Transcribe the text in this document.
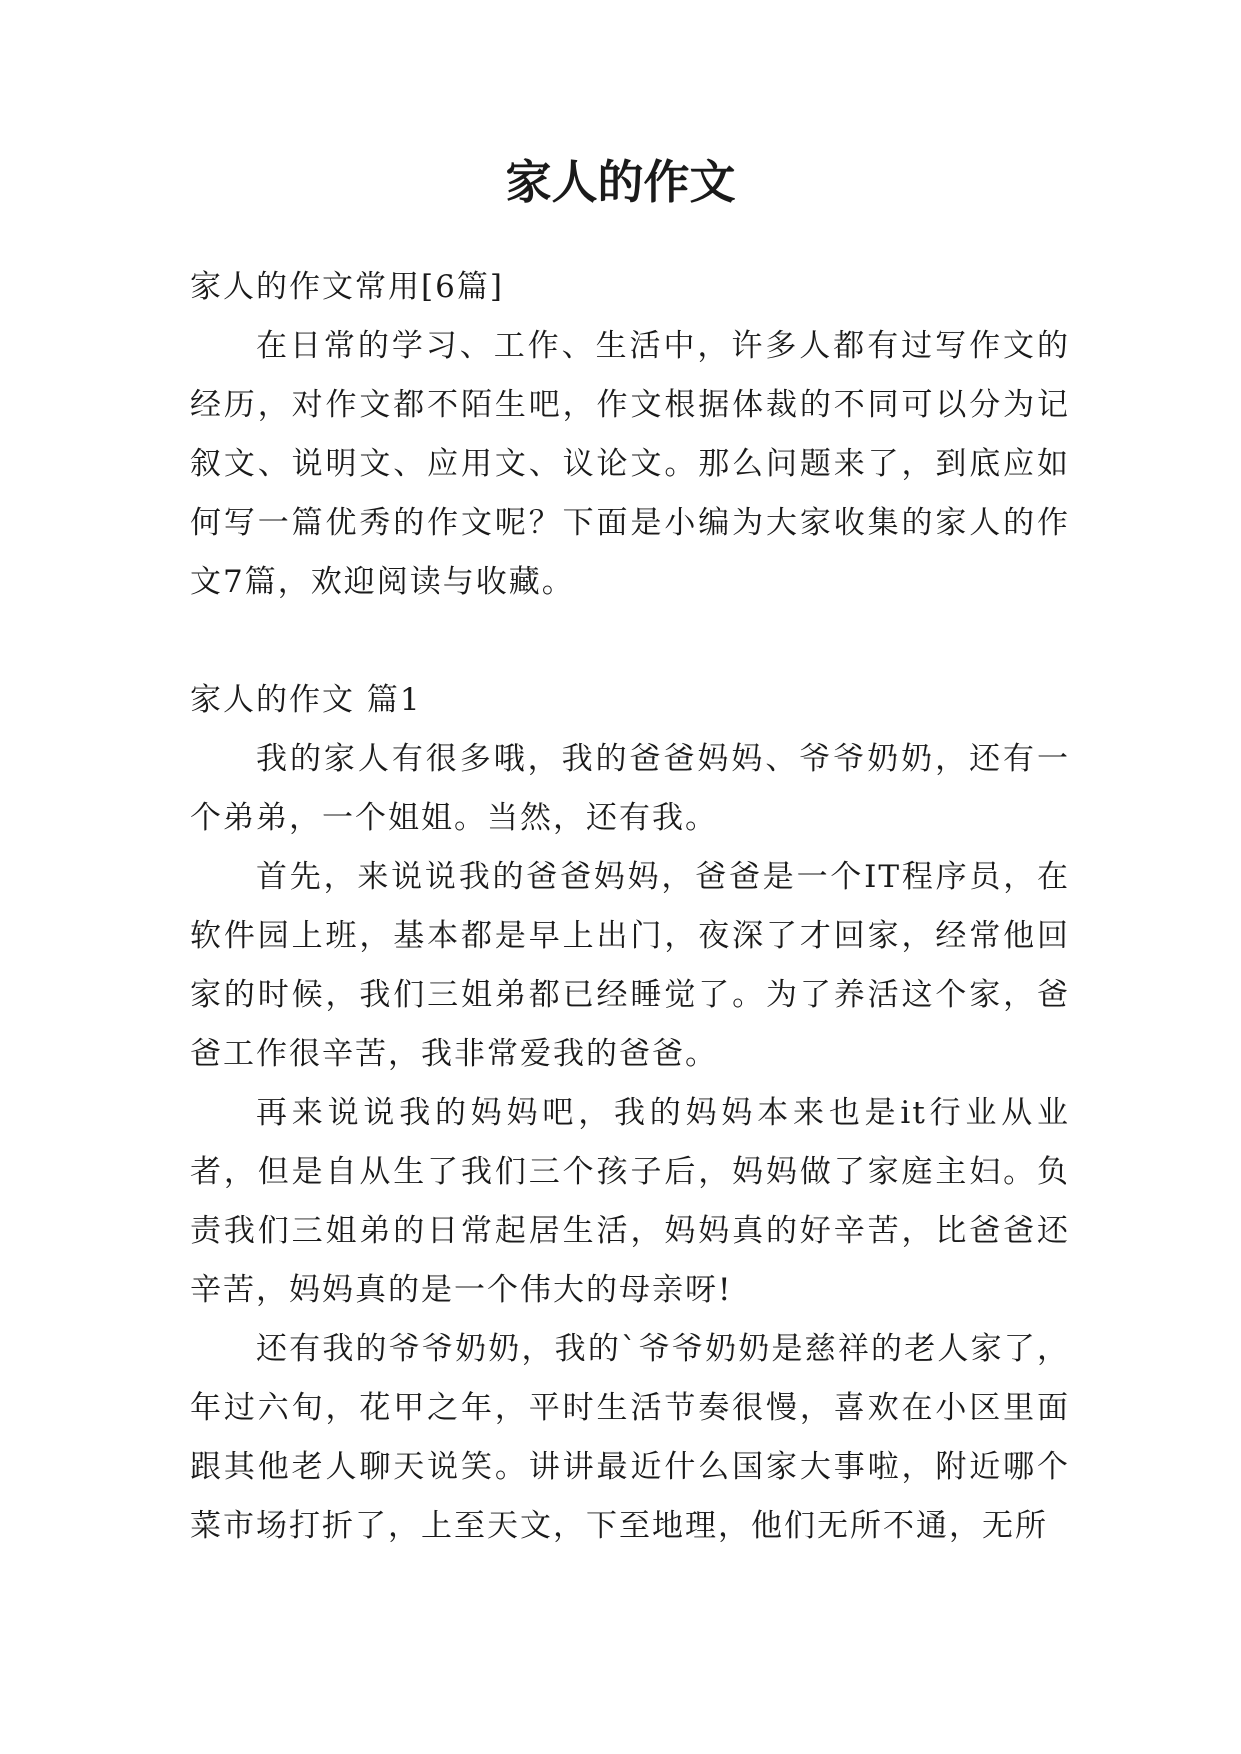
家人的作文

家人的作文常用[6篇]

在日常的学习、工作、生活中，许多人都有过写作文的经历，对作文都不陌生吧，作文根据体裁的不同可以分为记叙文、说明文、应用文、议论文。那么问题来了，到底应如何写一篇优秀的作文呢？下面是小编为大家收集的家人的作文7篇，欢迎阅读与收藏。

家人的作文 篇1

我的家人有很多哦，我的爸爸妈妈、爷爷奶奶，还有一个弟弟，一个姐姐。当然，还有我。

首先，来说说我的爸爸妈妈，爸爸是一个IT程序员，在软件园上班，基本都是早上出门，夜深了才回家，经常他回家的时候，我们三姐弟都已经睡觉了。为了养活这个家，爸爸工作很辛苦，我非常爱我的爸爸。

再来说说我的妈妈吧，我的妈妈本来也是it行业从业者，但是自从生了我们三个孩子后，妈妈做了家庭主妇。负责我们三姐弟的日常起居生活，妈妈真的好辛苦，比爸爸还辛苦，妈妈真的是一个伟大的母亲呀!

还有我的爷爷奶奶，我的`爷爷奶奶是慈祥的老人家了，年过六旬，花甲之年，平时生活节奏很慢，喜欢在小区里面跟其他老人聊天说笑。讲讲最近什么国家大事啦，附近哪个菜市场打折了，上至天文，下至地理，他们无所不通，无所
